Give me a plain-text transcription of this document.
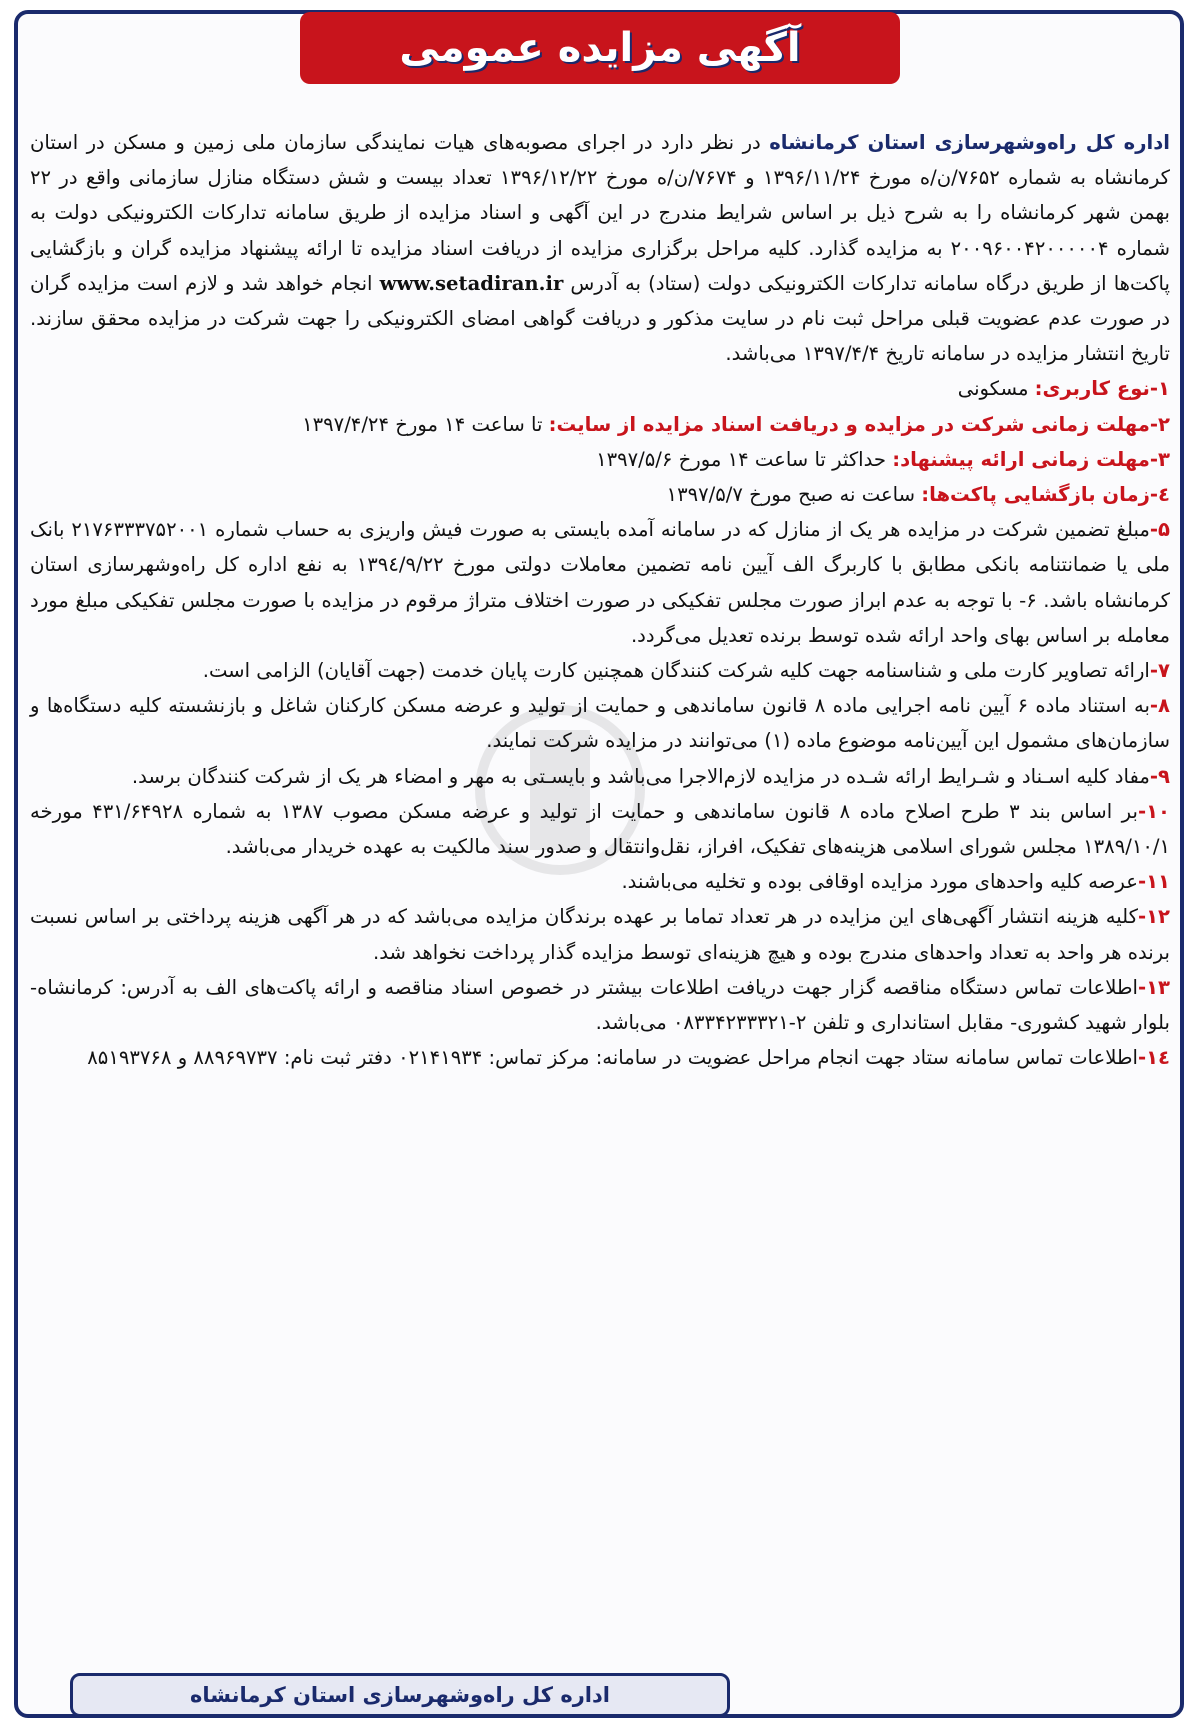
آگهی مزایده عمومی

اداره کل راه‌وشهرسازی استان کرمانشاه در نظر دارد در اجرای مصوبه‌های هیات نمایندگی سازمان ملی زمین و مسکن در استان کرمانشاه به شماره ۷۶۵۲/ن/ه مورخ ۱۳۹۶/۱۱/۲۴ و ۷۶۷۴/ن/ه مورخ ۱۳۹۶/۱۲/۲۲ تعداد بیست و شش دستگاه منازل سازمانی واقع در ۲۲ بهمن شهر کرمانشاه را به شرح ذیل بر اساس شرایط مندرج در این آگهی و اسناد مزایده از طریق سامانه تدارکات الکترونیکی دولت به شماره ۲۰۰۹۶۰۰۴۲۰۰۰۰۰۴ به مزایده گذارد. کلیه مراحل برگزاری مزایده از دریافت اسناد مزایده تا ارائه پیشنهاد مزایده گران و بازگشایی پاکت‌ها از طریق درگاه سامانه تدارکات الکترونیکی دولت (ستاد) به آدرس www.setadiran.ir انجام خواهد شد و لازم است مزایده گران در صورت عدم عضویت قبلی مراحل ثبت نام در سایت مذکور و دریافت گواهی امضای الکترونیکی را جهت شرکت در مزایده محقق سازند. تاریخ انتشار مزایده در سامانه تاریخ ۱۳۹۷/۴/۴ می‌باشد.

۱-نوع کاربری: مسکونی

۲-مهلت زمانی شرکت در مزایده و دریافت اسناد مزایده از سایت: تا ساعت ۱۴ مورخ ۱۳۹۷/۴/۲۴

۳-مهلت زمانی ارائه پیشنهاد: حداکثر تا ساعت ۱۴ مورخ ۱۳۹۷/۵/۶

٤-زمان بازگشایی پاکت‌ها: ساعت نه صبح مورخ ۱۳۹۷/۵/۷

۵-مبلغ تضمین شرکت در مزایده هر یک از منازل که در سامانه آمده بایستی به صورت فیش واریزی به حساب شماره ۲۱۷۶۳۳۳۷۵۲۰۰۱ بانک ملی یا ضمانتنامه بانکی مطابق با کاربرگ الف آیین نامه تضمین معاملات دولتی مورخ ۱۳۹٤/۹/۲۲ به نفع اداره کل راه‌وشهرسازی استان کرمانشاه باشد. ۶- با توجه به عدم ابراز صورت مجلس تفکیکی در صورت اختلاف متراژ مرقوم در مزایده با صورت مجلس تفکیکی مبلغ مورد معامله بر اساس بهای واحد ارائه شده توسط برنده تعدیل می‌گردد.

۷-ارائه تصاویر کارت ملی و شناسنامه جهت کلیه شرکت کنندگان همچنین کارت پایان خدمت (جهت آقایان) الزامی است.

۸-به استناد ماده ۶ آیین نامه اجرایی ماده ۸ قانون ساماندهی و حمایت از تولید و عرضه مسکن کارکنان شاغل و بازنشسته کلیه دستگاه‌ها و سازمان‌های مشمول این آیین‌نامه موضوع ماده (۱) می‌توانند در مزایده شرکت نمایند.

۹-مفاد کلیه اسـناد و شـرایط ارائه شـده در مزایده لازم‌الاجرا می‌باشد و بایسـتی به مهر و امضاء هر یک از شرکت کنندگان برسد.

۱۰-بر اساس بند ۳ طرح اصلاح ماده ۸ قانون ساماندهی و حمایت از تولید و عرضه مسکن مصوب ۱۳۸۷ به شماره ۴۳۱/۶۴۹۲۸ مورخه ۱۳۸۹/۱۰/۱ مجلس شورای اسلامی هزینه‌های تفکیک، افراز، نقل‌وانتقال و صدور سند مالکیت به عهده خریدار می‌باشد.

۱۱-عرصه کلیه واحدهای مورد مزایده اوقافی بوده و تخلیه می‌باشند.

۱۲-کلیه هزینه انتشار آگهی‌های این مزایده در هر تعداد تماما بر عهده برندگان مزایده می‌باشد که در هر آگهی هزینه پرداختی بر اساس نسبت برنده هر واحد به تعداد واحدهای مندرج بوده و هیچ هزینه‌ای توسط مزایده گذار پرداخت نخواهد شد.

۱۳-اطلاعات تماس دستگاه مناقصه گزار جهت دریافت اطلاعات بیشتر در خصوص اسناد مناقصه و ارائه پاکت‌های الف به آدرس: کرمانشاه- بلوار شهید کشوری- مقابل استانداری و تلفن ۲-۰۸۳۳۴۲۳۳۳۲۱ می‌باشد.

۱٤-اطلاعات تماس سامانه ستاد جهت انجام مراحل عضویت در سامانه: مرکز تماس: ۰۲۱۴۱۹۳۴ دفتر ثبت نام: ۸۸۹۶۹۷۳۷ و ۸۵۱۹۳۷۶۸

اداره کل راه‌وشهرسازی استان کرمانشاه
